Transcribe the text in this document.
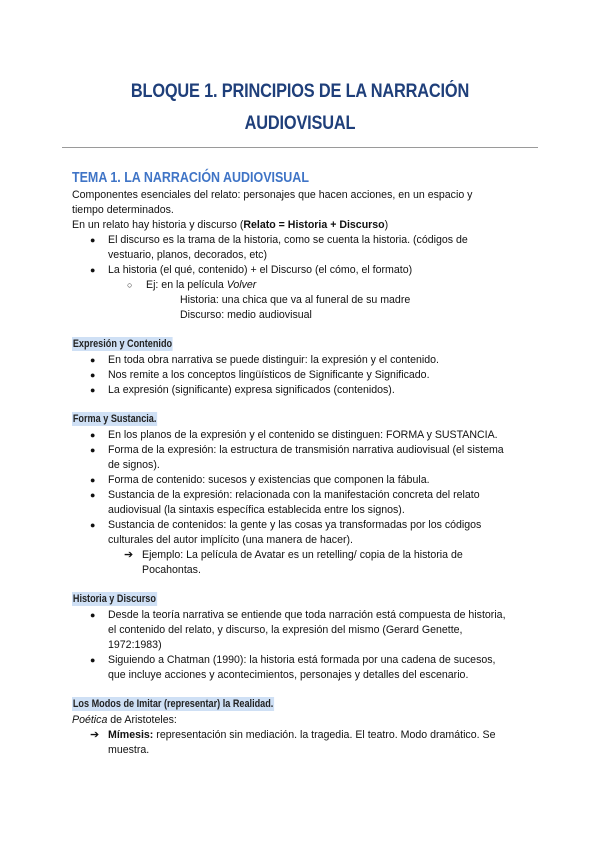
BLOQUE 1. PRINCIPIOS DE LA NARRACIÓN
AUDIOVISUAL
TEMA 1. LA NARRACIÓN AUDIOVISUAL

Componentes esenciales del relato: personajes que hacen acciones, en un espacio y

tiempo determinados.

En un relato hay historia y discurso (Relato = Historia + Discurso)

● El discurso es la trama de la historia, como se cuenta la historia. (códigos de
vestuario, planos, decorados, etc)
● La historia (el qué, contenido) + el Discurso (el cómo, el formato)
○ Ej: en la película Volver
Historia: una chica que va al funeral de su madre
Discurso: medio audiovisual
Expresión y Contenido
● En toda obra narrativa se puede distinguir: la expresión y el contenido.
● Nos remite a los conceptos lingüísticos de Significante y Significado.
● La expresión (significante) expresa significados (contenidos).
Forma y Sustancia.
● En los planos de la expresión y el contenido se distinguen: FORMA y SUSTANCIA.
● Forma de la expresión: la estructura de transmisión narrativa audiovisual (el sistema
de signos).
● Forma de contenido: sucesos y existencias que componen la fábula.
● Sustancia de la expresión: relacionada con la manifestación concreta del relato
audiovisual (la sintaxis específica establecida entre los signos).
● Sustancia de contenidos: la gente y las cosas ya transformadas por los códigos
culturales del autor implícito (una manera de hacer).
➔ Ejemplo: La película de Avatar es un retelling/ copia de la historia de
Pocahontas.
Historia y Discurso
● Desde la teoría narrativa se entiende que toda narración está compuesta de historia,
el contenido del relato, y discurso, la expresión del mismo (Gerard Genette,
1972:1983)
● Siguiendo a Chatman (1990): la historia está formada por una cadena de sucesos,
que incluye acciones y acontecimientos, personajes y detalles del escenario.
Los Modos de Imitar (representar) la Realidad.

Poética de Aristoteles:

➔ Mímesis: representación sin mediación. la tragedia. El teatro. Modo dramático. Se
muestra.
